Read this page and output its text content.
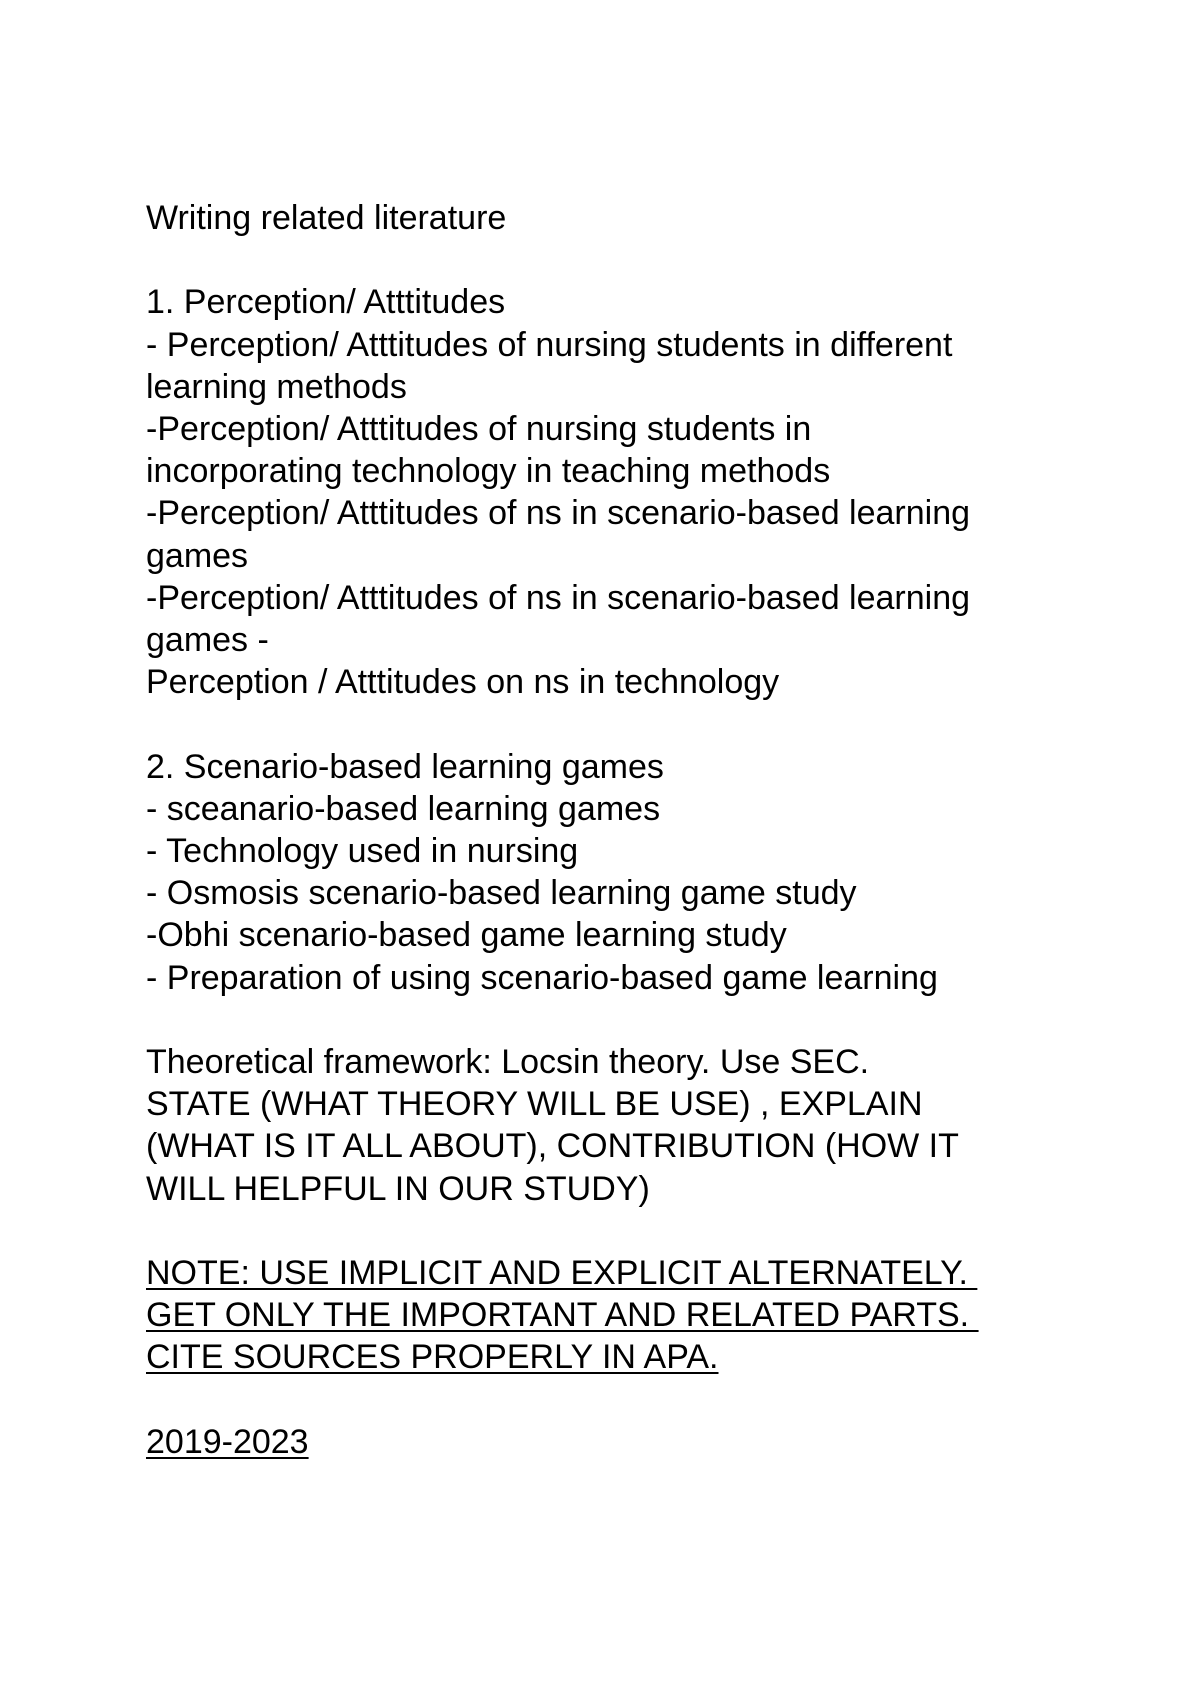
Writing related literature
1. Perception/ Atttitudes
- Perception/ Atttitudes of nursing students in different
learning methods
-Perception/ Atttitudes of nursing students in
incorporating technology in teaching methods
-Perception/ Atttitudes of ns in scenario-based learning
games
-Perception/ Atttitudes of ns in scenario-based learning
games -
Perception / Atttitudes on ns in technology
2. Scenario-based learning games
- sceanario-based learning games
- Technology used in nursing
- Osmosis scenario-based learning game study
-Obhi scenario-based game learning study
- Preparation of using scenario-based game learning
Theoretical framework: Locsin theory. Use SEC.
STATE (WHAT THEORY WILL BE USE) , EXPLAIN
(WHAT IS IT ALL ABOUT), CONTRIBUTION (HOW IT
WILL HELPFUL IN OUR STUDY)
NOTE: USE IMPLICIT AND EXPLICIT ALTERNATELY.
GET ONLY THE IMPORTANT AND RELATED PARTS.
CITE SOURCES PROPERLY IN APA.
2019-2023
